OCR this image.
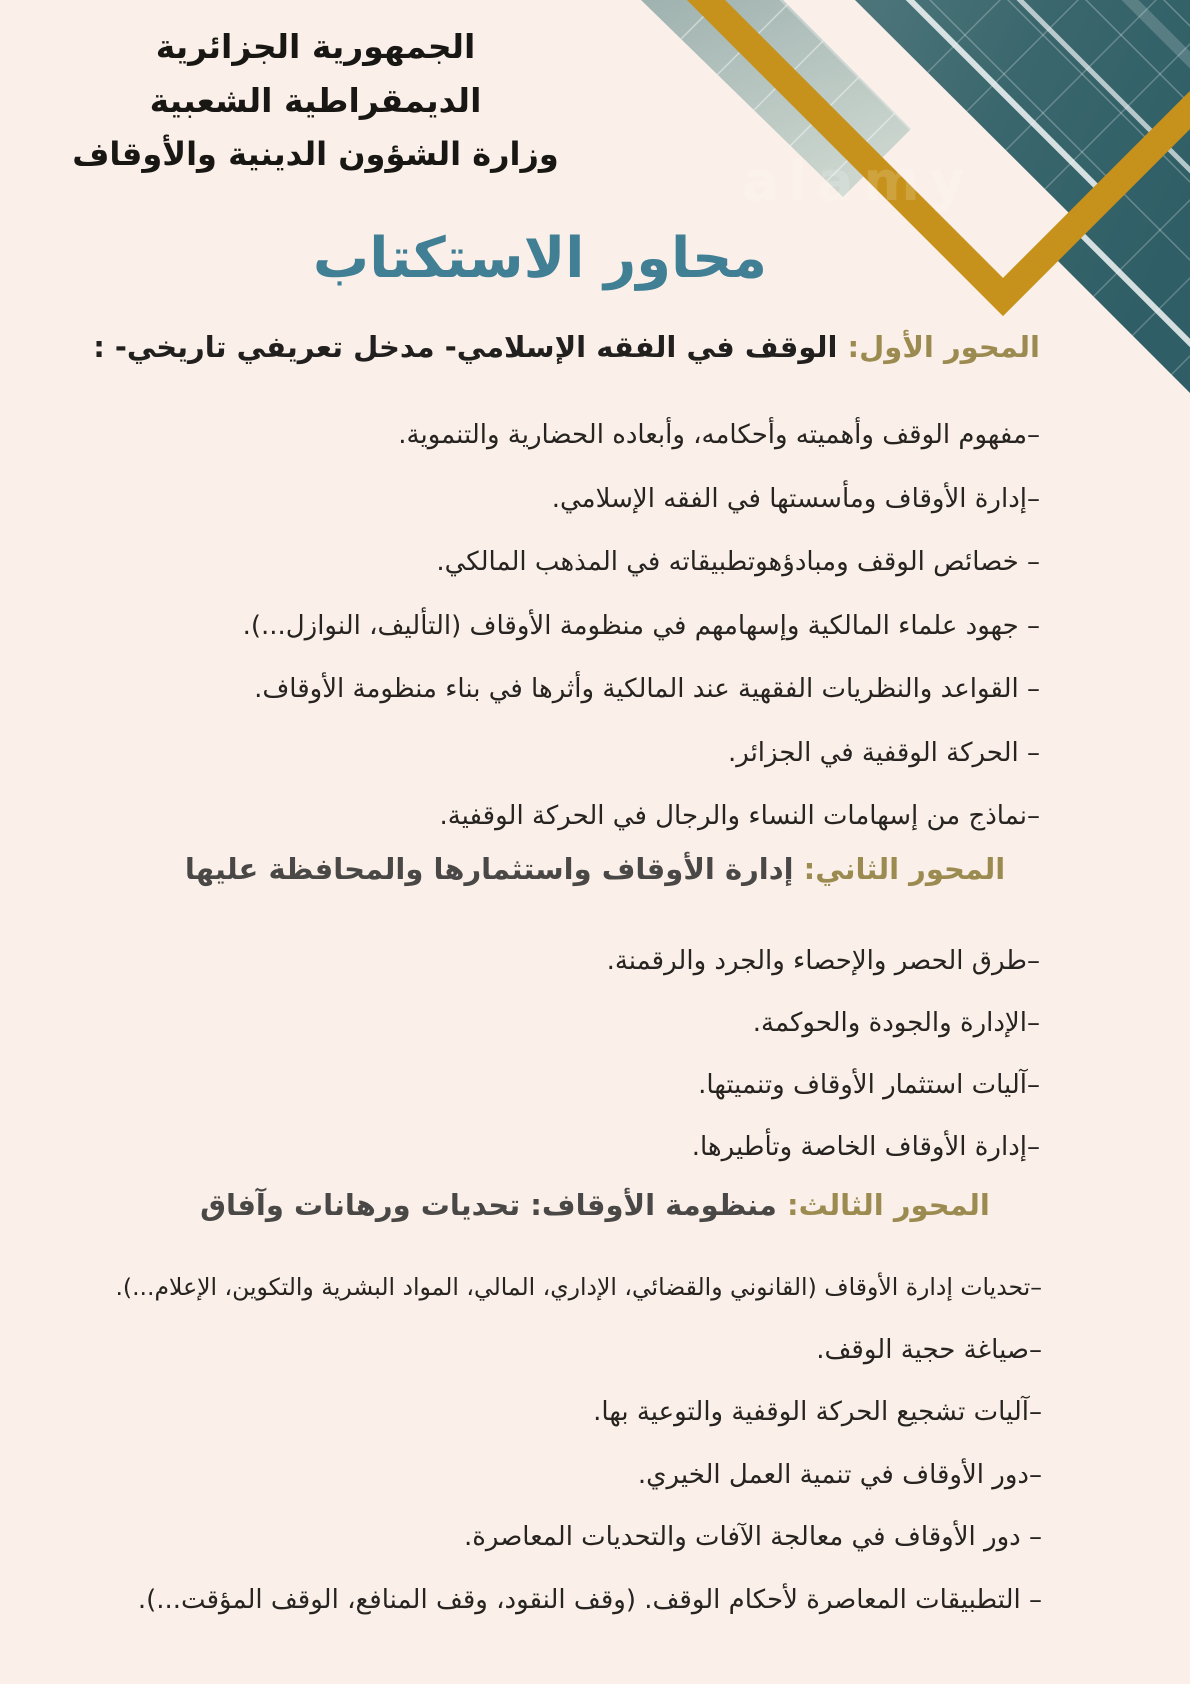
الجمهورية الجزائرية الديمقراطية الشعبية
وزارة الشؤون الدينية والأوقاف
محاور الاستكتاب
المحور الأول: الوقف في الفقه الإسلامي- مدخل تعريفي تاريخي- :
–مفهوم الوقف وأهميته وأحكامه، وأبعاده الحضارية والتنموية.
–إدارة الأوقاف ومأسستها في الفقه الإسلامي.
– خصائص الوقف ومبادؤهوتطبيقاته في المذهب المالكي.
– جهود علماء المالكية وإسهامهم في منظومة الأوقاف (التأليف، النوازل...).
– القواعد والنظريات الفقهية عند المالكية وأثرها في بناء منظومة الأوقاف.
– الحركة الوقفية في الجزائر.
–نماذج من إسهامات النساء والرجال في الحركة الوقفية.
المحور الثاني: إدارة الأوقاف واستثمارها والمحافظة عليها
–طرق الحصر والإحصاء والجرد والرقمنة.
–الإدارة والجودة والحوكمة.
–آليات استثمار الأوقاف وتنميتها.
–إدارة الأوقاف الخاصة وتأطيرها.
المحور الثالث: منظومة الأوقاف: تحديات ورهانات وآفاق
–تحديات إدارة الأوقاف (القانوني والقضائي، الإداري، المالي، المواد البشرية والتكوين، الإعلام...).
–صياغة حجية الوقف.
–آليات تشجيع الحركة الوقفية والتوعية بها.
–دور الأوقاف في تنمية العمل الخيري.
– دور الأوقاف في معالجة الآفات والتحديات المعاصرة.
– التطبيقات المعاصرة لأحكام الوقف. (وقف النقود، وقف المنافع، الوقف المؤقت...).
